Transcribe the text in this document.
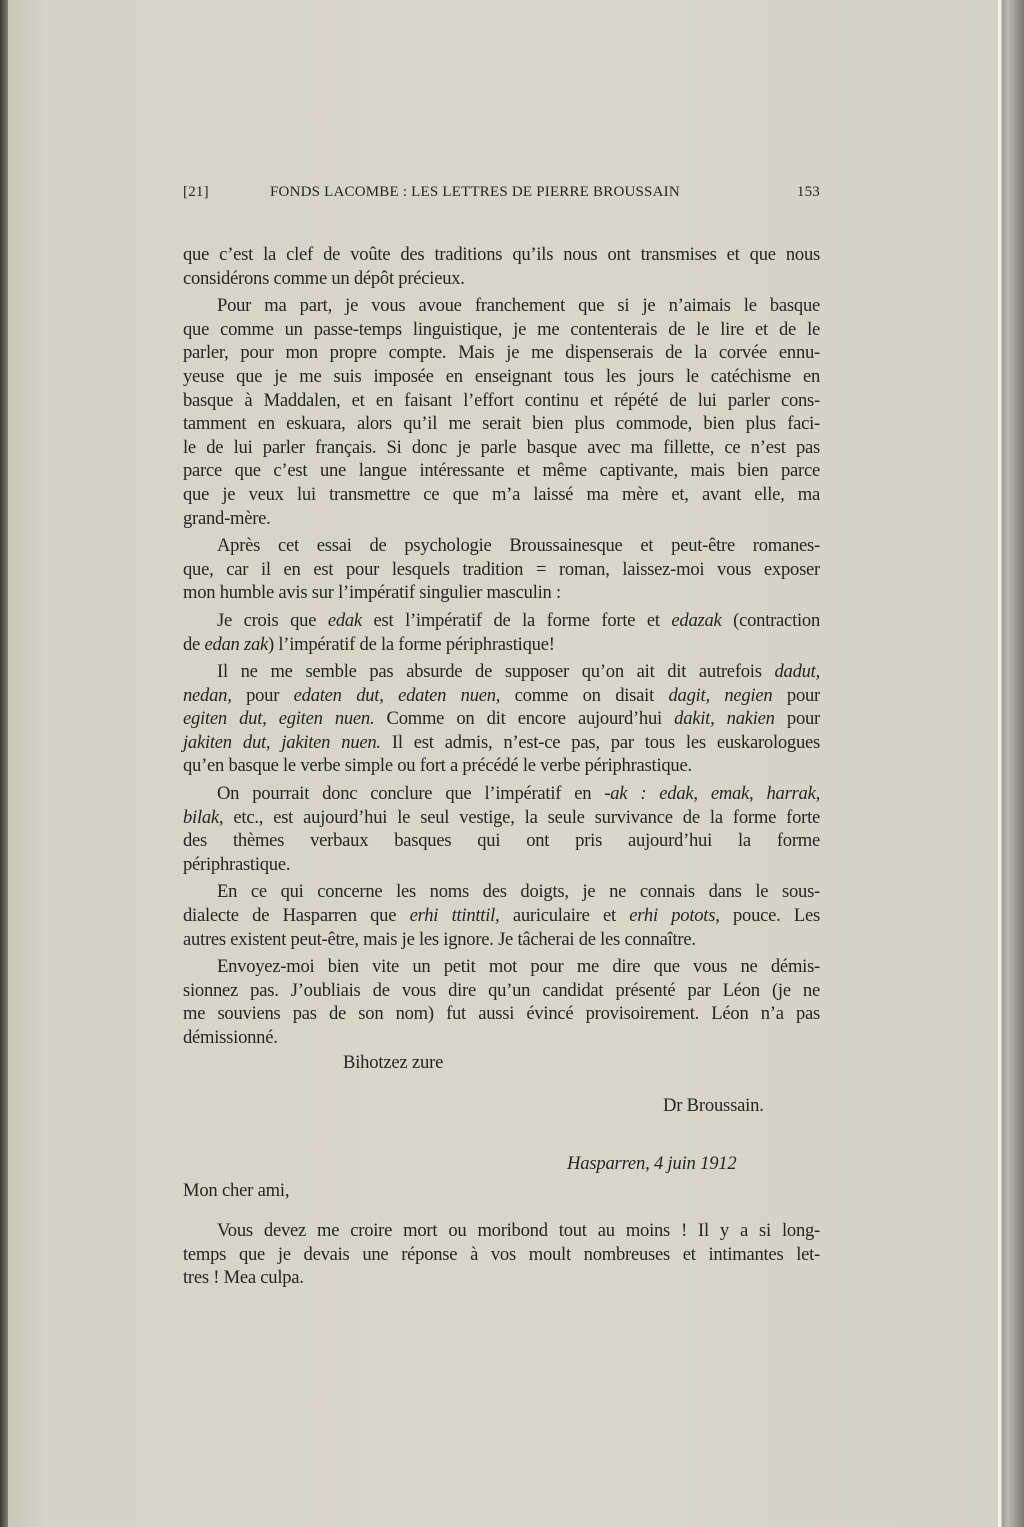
[21]	FONDS LACOMBE : LES LETTRES DE PIERRE BROUSSAIN	153
que c’est la clef de voûte des traditions qu’ils nous ont transmises et que nous
considérons comme un dépôt précieux.
Pour ma part, je vous avoue franchement que si je n’aimais le basque
que comme un passe-temps linguistique, je me contenterais de le lire et de le
parler, pour mon propre compte. Mais je me dispenserais de la corvée ennu-
yeuse que je me suis imposée en enseignant tous les jours le catéchisme en
basque à Maddalen, et en faisant l’effort continu et répété de lui parler cons-
tamment en eskuara, alors qu’il me serait bien plus commode, bien plus faci-
le de lui parler français. Si donc je parle basque avec ma fillette, ce n’est pas
parce que c’est une langue intéressante et même captivante, mais bien parce
que je veux lui transmettre ce que m’a laissé ma mère et, avant elle, ma
grand-mère.
Après cet essai de psychologie Broussainesque et peut-être romanes-
que, car il en est pour lesquels tradition = roman, laissez-moi vous exposer
mon humble avis sur l’impératif singulier masculin :
Je crois que edak est l’impératif de la forme forte et edazak (contraction
de edan zak) l’impératif de la forme périphrastique!
Il ne me semble pas absurde de supposer qu’on ait dit autrefois dadut,
nedan, pour edaten dut, edaten nuen, comme on disait dagit, negien pour
egiten dut, egiten nuen. Comme on dit encore aujourd’hui dakit, nakien pour
jakiten dut, jakiten nuen. Il est admis, n’est-ce pas, par tous les euskarologues
qu’en basque le verbe simple ou fort a précédé le verbe périphrastique.
On pourrait donc conclure que l’impératif en -ak : edak, emak, harrak,
bilak, etc., est aujourd’hui le seul vestige, la seule survivance de la forme forte
des thèmes verbaux basques qui ont pris aujourd’hui la forme
périphrastique.
En ce qui concerne les noms des doigts, je ne connais dans le sous-
dialecte de Hasparren que erhi ttinttil, auriculaire et erhi potots, pouce. Les
autres existent peut-être, mais je les ignore. Je tâcherai de les connaître.
Envoyez-moi bien vite un petit mot pour me dire que vous ne démis-
sionnez pas. J’oubliais de vous dire qu’un candidat présenté par Léon (je ne
me souviens pas de son nom) fut aussi évincé provisoirement. Léon n’a pas
démissionné.
Bihotzez zure
Dr Broussain.
Hasparren, 4 juin 1912
Mon cher ami,
Vous devez me croire mort ou moribond tout au moins ! Il y a si long-
temps que je devais une réponse à vos moult nombreuses et intimantes let-
tres ! Mea culpa.
